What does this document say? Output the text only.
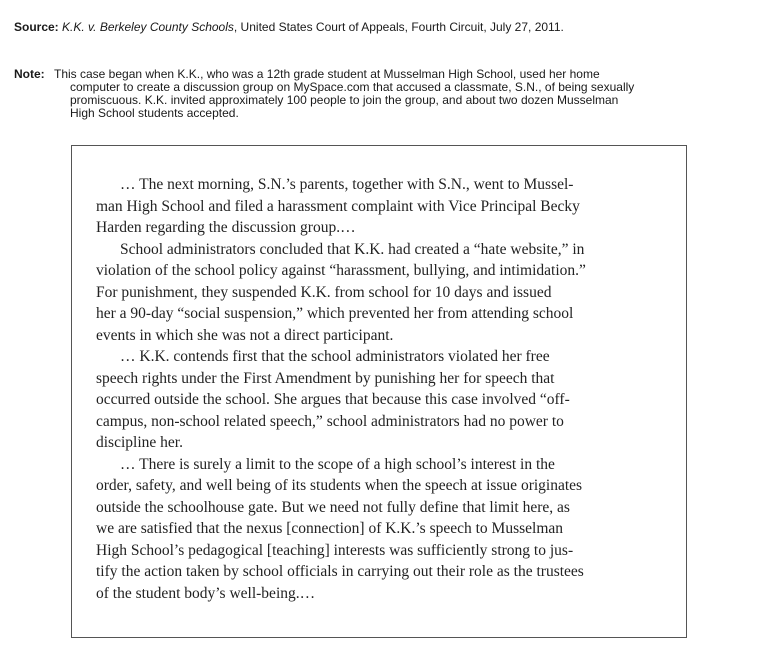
Source: K.K. v. Berkeley County Schools, United States Court of Appeals, Fourth Circuit, July 27, 2011.
Note: This case began when K.K., who was a 12th grade student at Musselman High School, used her home
computer to create a discussion group on MySpace.com that accused a classmate, S.N., of being sexually
promiscuous. K.K. invited approximately 100 people to join the group, and about two dozen Musselman
High School students accepted.
… The next morning, S.N.’s parents, together with S.N., went to Mussel-
man High School and filed a harassment complaint with Vice Principal Becky
Harden regarding the discussion group.…
School administrators concluded that K.K. had created a “hate website,” in
violation of the school policy against “harassment, bullying, and intimidation.”
For punishment, they suspended K.K. from school for 10 days and issued
her a 90-day “social suspension,” which prevented her from attending school
events in which she was not a direct participant.
… K.K. contends first that the school administrators violated her free
speech rights under the First Amendment by punishing her for speech that
occurred outside the school. She argues that because this case involved “off-
campus, non-school related speech,” school administrators had no power to
discipline her.
… There is surely a limit to the scope of a high school’s interest in the
order, safety, and well being of its students when the speech at issue originates
outside the schoolhouse gate. But we need not fully define that limit here, as
we are satisfied that the nexus [connection] of K.K.’s speech to Musselman
High School’s pedagogical [teaching] interests was sufficiently strong to jus-
tify the action taken by school officials in carrying out their role as the trustees
of the student body’s well-being.…
